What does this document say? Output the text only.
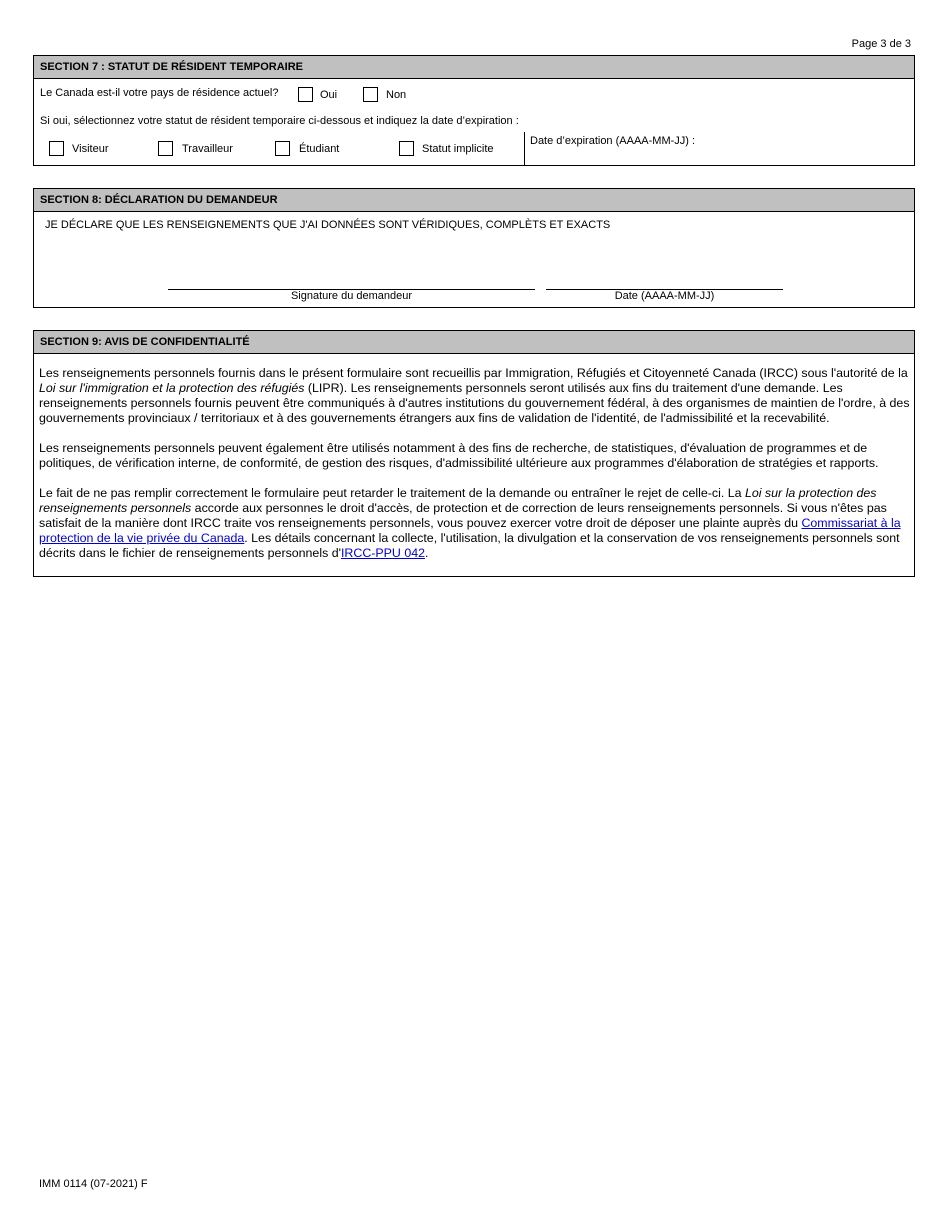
Page 3 de 3
SECTION 7 : STATUT DE RÉSIDENT TEMPORAIRE
Le Canada est-il votre pays de résidence actuel?	Oui	Non
Si oui, sélectionnez votre statut de résident temporaire ci-dessous et indiquez la date d’expiration :
Visiteur	Travailleur	Étudiant	Statut implicite
Date d’expiration (AAAA-MM-JJ) :
SECTION 8: DÉCLARATION DU DEMANDEUR
JE DÉCLARE QUE LES RENSEIGNEMENTS QUE J'AI DONNÉES SONT VÉRIDIQUES, COMPLÈTS ET EXACTS
Signature du demandeur	Date (AAAA-MM-JJ)
SECTION 9: AVIS DE CONFIDENTIALITÉ

Les renseignements personnels fournis dans le présent formulaire sont recueillis par Immigration, Réfugiés et Citoyenneté Canada (IRCC) sous l'autorité de la Loi sur l'immigration et la protection des réfugiés (LIPR). Les renseignements personnels seront utilisés aux fins du traitement d'une demande. Les renseignements personnels fournis peuvent être communiqués à d'autres institutions du gouvernement fédéral, à des organismes de maintien de l'ordre, à des gouvernements provinciaux / territoriaux et à des gouvernements étrangers aux fins de validation de l'identité, de l'admissibilité et la recevabilité.

Les renseignements personnels peuvent également être utilisés notamment à des fins de recherche, de statistiques, d'évaluation de programmes et de politiques, de vérification interne, de conformité, de gestion des risques, d'admissibilité ultérieure aux programmes d'élaboration de stratégies et rapports.

Le fait de ne pas remplir correctement le formulaire peut retarder le traitement de la demande ou entraîner le rejet de celle-ci. La Loi sur la protection des renseignements personnels accorde aux personnes le droit d'accès, de protection et de correction de leurs renseignements personnels. Si vous n'êtes pas satisfait de la manière dont IRCC traite vos renseignements personnels, vous pouvez exercer votre droit de déposer une plainte auprès du Commissariat à la protection de la vie privée du Canada. Les détails concernant la collecte, l'utilisation, la divulgation et la conservation de vos renseignements personnels sont décrits dans le fichier de renseignements personnels d'IRCC-PPU 042.

IMM 0114 (07-2021) F
